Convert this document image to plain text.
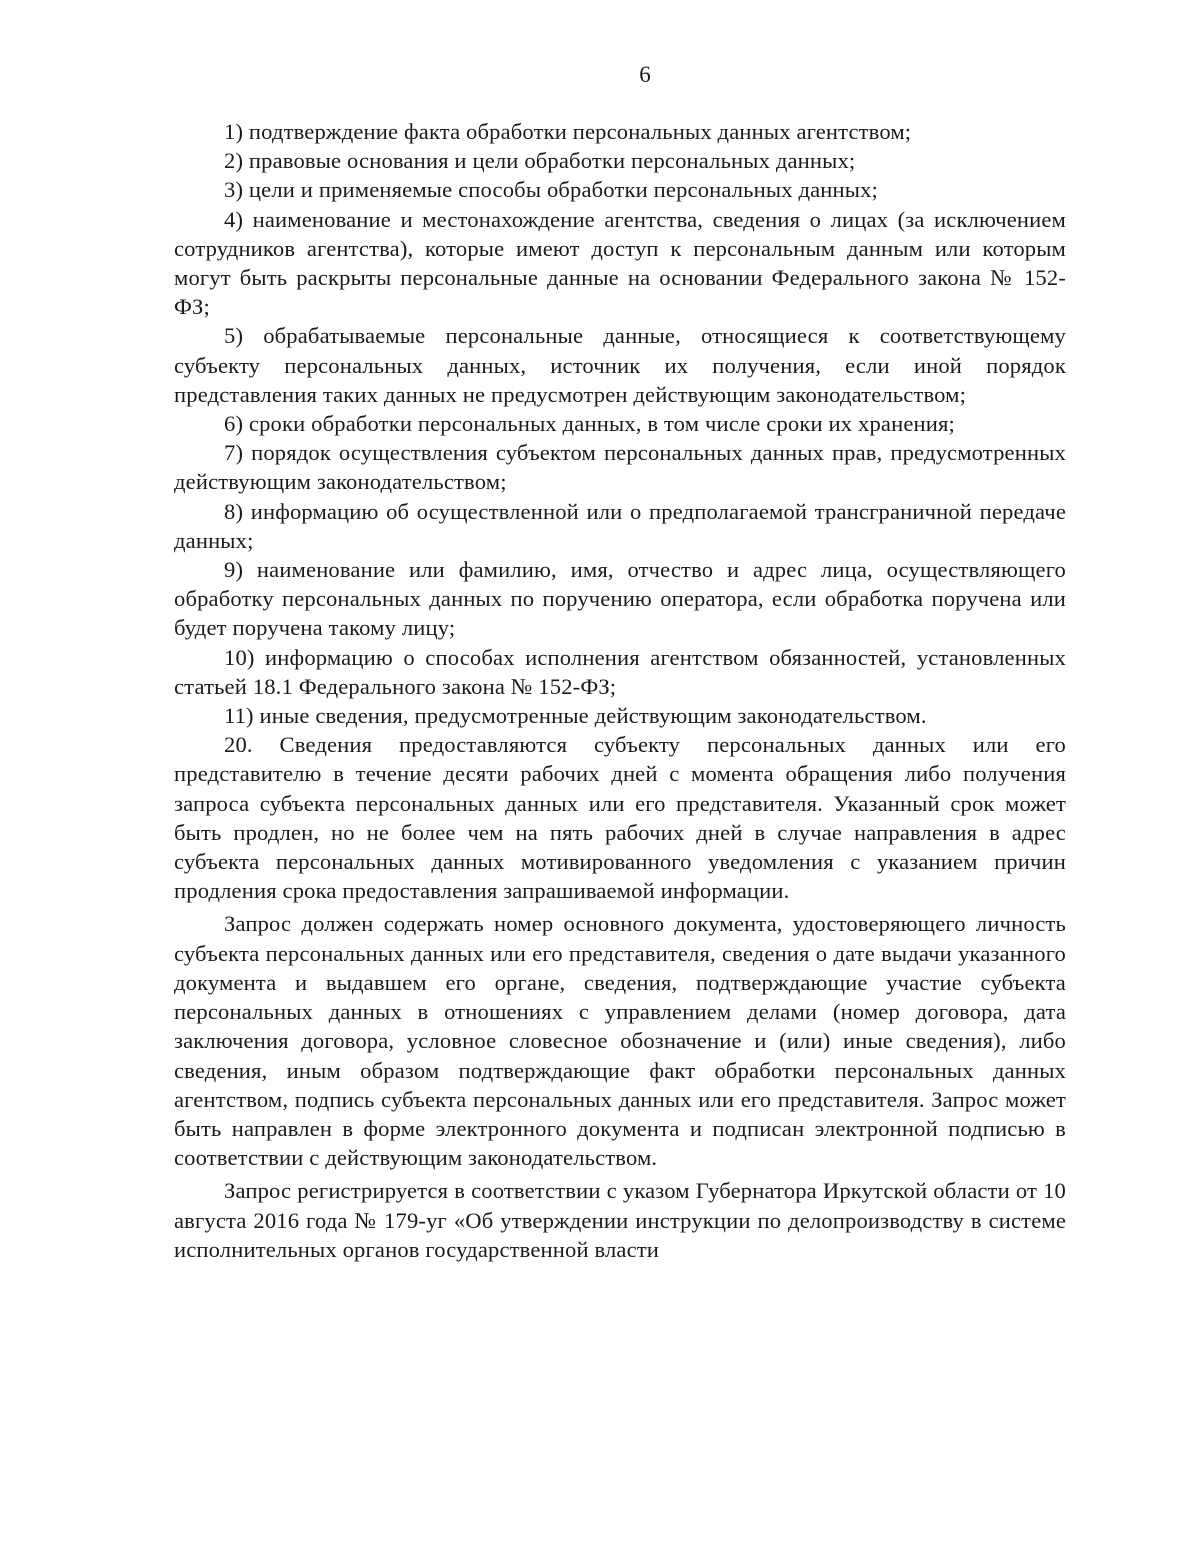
6

1) подтверждение факта обработки персональных данных агентством;

2) правовые основания и цели обработки персональных данных;

3) цели и применяемые способы обработки персональных данных;

4) наименование и местонахождение агентства, сведения о лицах (за исключением сотрудников агентства), которые имеют доступ к персональным данным или которым могут быть раскрыты персональные данные на основании Федерального закона № 152-ФЗ;

5) обрабатываемые персональные данные, относящиеся к соответствующему субъекту персональных данных, источник их получения, если иной порядок представления таких данных не предусмотрен действующим законодательством;

6) сроки обработки персональных данных, в том числе сроки их хранения;

7) порядок осуществления субъектом персональных данных прав, предусмотренных действующим законодательством;

8) информацию об осуществленной или о предполагаемой трансграничной передаче данных;

9) наименование или фамилию, имя, отчество и адрес лица, осуществляющего обработку персональных данных по поручению оператора, если обработка поручена или будет поручена такому лицу;

10) информацию о способах исполнения агентством обязанностей, установленных статьей 18.1 Федерального закона № 152-ФЗ;

11) иные сведения, предусмотренные действующим законодательством.

20. Сведения предоставляются субъекту персональных данных или его представителю в течение десяти рабочих дней с момента обращения либо получения запроса субъекта персональных данных или его представителя. Указанный срок может быть продлен, но не более чем на пять рабочих дней в случае направления в адрес субъекта персональных данных мотивированного уведомления с указанием причин продления срока предоставления запрашиваемой информации.

Запрос должен содержать номер основного документа, удостоверяющего личность субъекта персональных данных или его представителя, сведения о дате выдачи указанного документа и выдавшем его органе, сведения, подтверждающие участие субъекта персональных данных в отношениях с управлением делами (номер договора, дата заключения договора, условное словесное обозначение и (или) иные сведения), либо сведения, иным образом подтверждающие факт обработки персональных данных агентством, подпись субъекта персональных данных или его представителя. Запрос может быть направлен в форме электронного документа и подписан электронной подписью в соответствии с действующим законодательством.

Запрос регистрируется в соответствии с указом Губернатора Иркутской области от 10 августа 2016 года № 179-уг «Об утверждении инструкции по делопроизводству в системе исполнительных органов государственной власти
